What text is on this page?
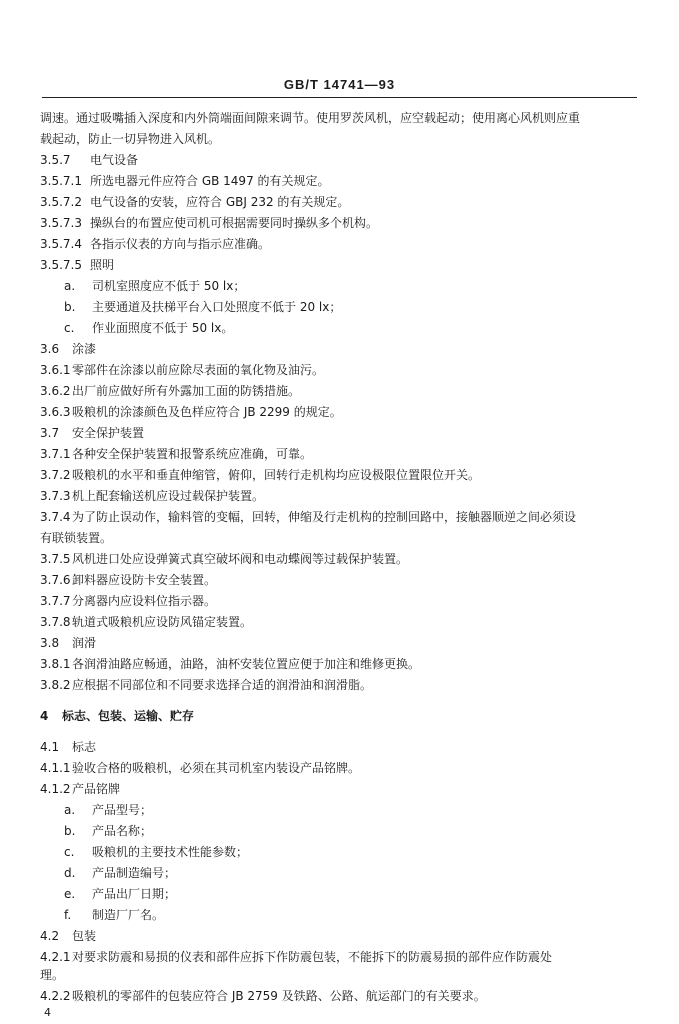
GB/T 14741—93
调速。通过吸嘴插入深度和内外筒端面间隙来调节。使用罗茨风机，应空载起动；使用离心风机则应重
载起动，防止一切异物进入风机。
3.5.7 电气设备
3.5.7.1 所选电器元件应符合 GB 1497 的有关规定。
3.5.7.2 电气设备的安装，应符合 GBJ 232 的有关规定。
3.5.7.3 操纵台的布置应使司机可根据需要同时操纵多个机构。
3.5.7.4 各指示仪表的方向与指示应准确。
3.5.7.5 照明
a. 司机室照度应不低于 50 lx；
b. 主要通道及扶梯平台入口处照度不低于 20 lx；
c. 作业面照度不低于 50 lx。
3.6 涂漆
3.6.1零部件在涂漆以前应除尽表面的氧化物及油污。
3.6.2出厂前应做好所有外露加工面的防锈措施。
3.6.3吸粮机的涂漆颜色及色样应符合 JB 2299 的规定。
3.7 安全保护装置
3.7.1各种安全保护装置和报警系统应准确，可靠。
3.7.2吸粮机的水平和垂直伸缩管，俯仰，回转行走机构均应设极限位置限位开关。
3.7.3机上配套输送机应设过载保护装置。
3.7.4为了防止误动作，输料管的变幅，回转，伸缩及行走机构的控制回路中，接触器顺逆之间必须设
有联锁装置。
3.7.5风机进口处应设弹簧式真空破坏阀和电动蝶阀等过载保护装置。
3.7.6卸料器应设防卡安全装置。
3.7.7分离器内应设料位指示器。
3.7.8轨道式吸粮机应设防风锚定装置。
3.8 润滑
3.8.1各润滑油路应畅通，油路，油杯安装位置应便于加注和维修更换。
3.8.2应根据不同部位和不同要求选择合适的润滑油和润滑脂。
4 标志、包装、运输、贮存
4.1 标志
4.1.1验收合格的吸粮机，必须在其司机室内装设产品铭牌。
4.1.2产品铭牌
a. 产品型号；
b. 产品名称；
c. 吸粮机的主要技术性能参数；
d. 产品制造编号；
e. 产品出厂日期；
f. 制造厂厂名。
4.2 包装
4.2.1对要求防震和易损的仪表和部件应拆下作防震包装，不能拆下的防震易损的部件应作防震处
理。
4.2.2吸粮机的零部件的包装应符合 JB 2759 及铁路、公路、航运部门的有关要求。
4
